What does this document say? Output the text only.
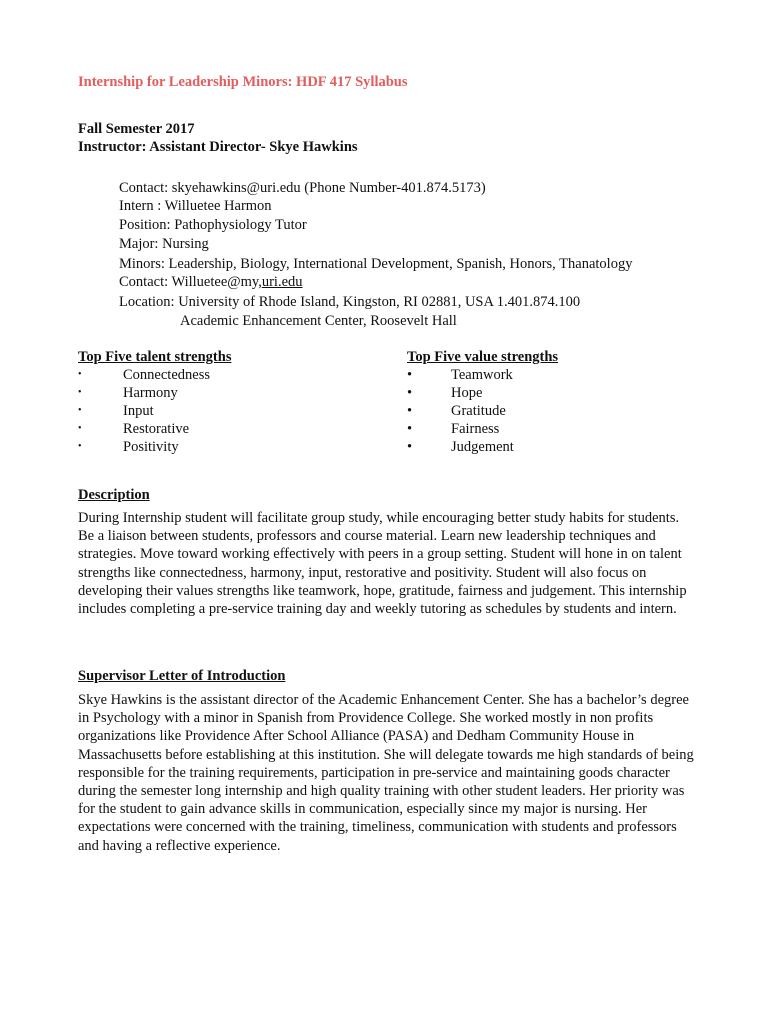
Internship for Leadership Minors: HDF 417 Syllabus
Fall Semester 2017
Instructor: Assistant Director- Skye Hawkins
Contact: skyehawkins@uri.edu (Phone Number-401.874.5173)
Intern : Willuetee Harmon
Position: Pathophysiology Tutor
Major: Nursing
Minors: Leadership, Biology, International Development, Spanish, Honors, Thanatology
Contact: Willuetee@my,uri.edu
Location: University of Rhode Island, Kingston, RI 02881, USA 1.401.874.100
Academic Enhancement Center, Roosevelt Hall
Top Five talent strengths
•	Connectedness
•	Harmony
•	Input
•	Restorative
•	Positivity
Top Five value strengths
•	Teamwork
•	Hope
•	Gratitude
•	Fairness
•	Judgement
Description
During Internship student will facilitate group study, while encouraging better study habits for students. Be a liaison between students, professors and course material. Learn new leadership techniques and strategies. Move toward working effectively with peers in a group setting. Student will hone in on talent strengths like connectedness, harmony, input, restorative and positivity. Student will also focus on developing their values strengths like teamwork, hope, gratitude, fairness and judgement. This internship includes completing a pre-service training day and weekly tutoring as schedules by students and intern.
Supervisor Letter of Introduction
Skye Hawkins is the assistant director of the Academic Enhancement Center. She has a bachelor’s degree in Psychology with a minor in Spanish from Providence College. She worked mostly in non profits organizations like Providence After School Alliance (PASA) and Dedham Community House in Massachusetts before establishing at this institution. She will delegate towards me high standards of being responsible for the training requirements, participation in pre-service and maintaining goods character during the semester long internship and high quality training with other student leaders. Her priority was for the student to gain advance skills in communication, especially since my major is nursing. Her expectations were concerned with the training, timeliness, communication with students and professors and having a reflective experience.
